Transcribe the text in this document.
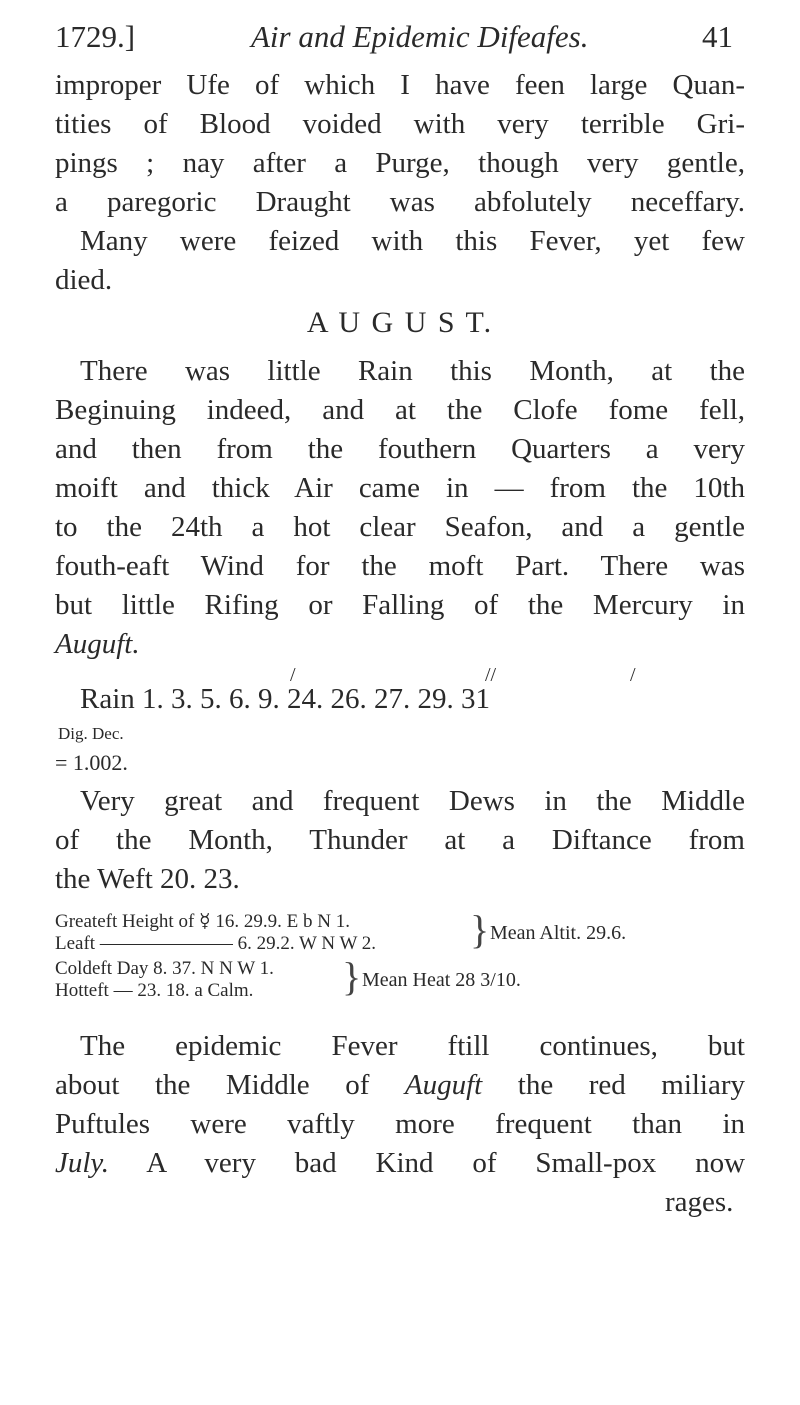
1729.]	Air and Epidemic Difeafes.	41
improper Ufe of which I have feen large Quan-
tities of Blood voided with very terrible Gri-
pings ; nay after a Purge, though very gentle,
a paregoric Draught was abfolutely neceffary.
Many were feized with this Fever, yet few
died.
A U G U S T.
There was little Rain this Month, at the
Beginuing indeed, and at the Clofe fome fell,
and then from the fouthern Quarters a very
moift and thick Air came in — from the 10th
to the 24th a hot clear Seafon, and a gentle
fouth-eaft Wind for the moft Part. There was
but little Rifing or Falling of the Mercury in
Auguft.
/	//	/
Rain 1. 3. 5. 6. 9. 24. 26. 27. 29. 31
Dig. Dec.
= 1.002.
Very great and frequent Dews in the Middle
of the Month, Thunder at a Diftance from
the Weft 20. 23.
Greateft Height of ☿ 16. 29.9. E b N 1.
Leaft ——————— 6. 29.2. W N W 2. } Mean Altit. 29.6.
Coldeft Day 8. 37. N N W 1.
Hotteft — 23. 18. a Calm. } Mean Heat 28 3/10.
The epidemic Fever ftill continues, but
about the Middle of Auguft the red miliary
Puftules were vaftly more frequent than in
July. A very bad Kind of Small-pox now
rages.
